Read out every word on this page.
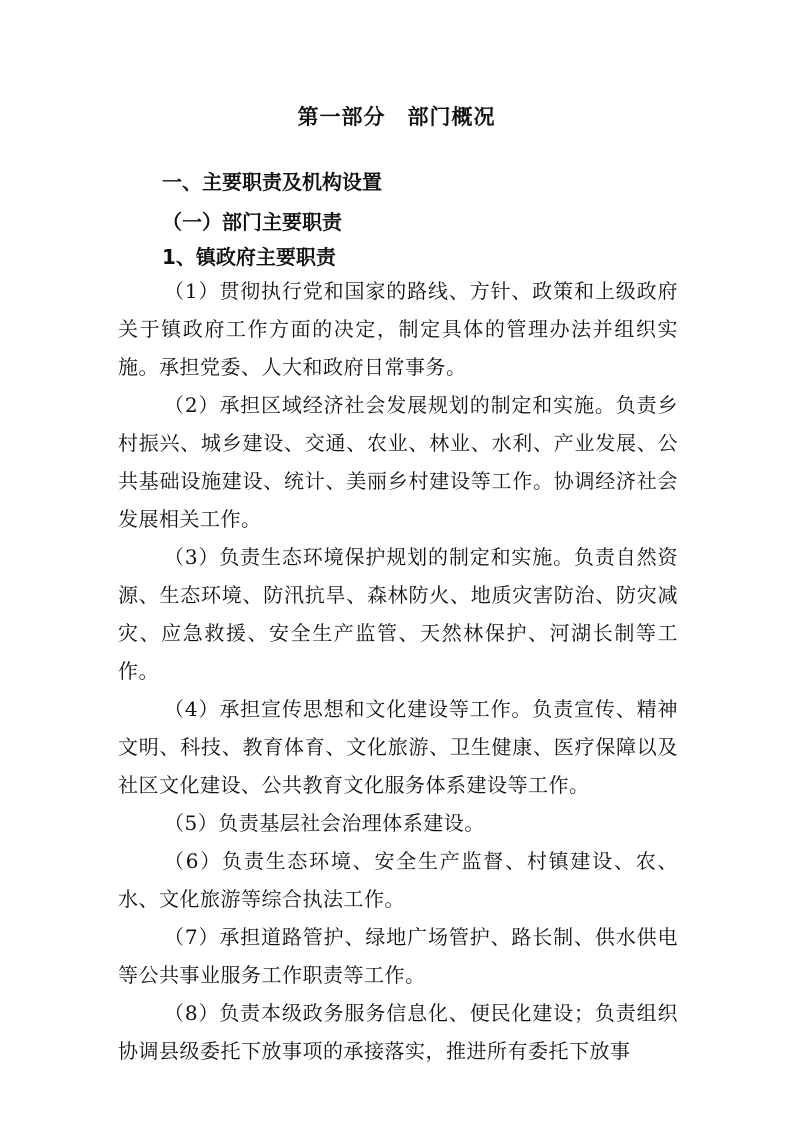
第一部分　部门概况
一、主要职责及机构设置
（一）部门主要职责
1、镇政府主要职责

（1）贯彻执行党和国家的路线、方针、政策和上级政府关于镇政府工作方面的决定，制定具体的管理办法并组织实施。承担党委、人大和政府日常事务。

（2）承担区域经济社会发展规划的制定和实施。负责乡村振兴、城乡建设、交通、农业、林业、水利、产业发展、公共基础设施建设、统计、美丽乡村建设等工作。协调经济社会发展相关工作。

（3）负责生态环境保护规划的制定和实施。负责自然资源、生态环境、防汛抗旱、森林防火、地质灾害防治、防灾减灾、应急救援、安全生产监管、天然林保护、河湖长制等工作。

（4）承担宣传思想和文化建设等工作。负责宣传、精神文明、科技、教育体育、文化旅游、卫生健康、医疗保障以及社区文化建设、公共教育文化服务体系建设等工作。

（5）负责基层社会治理体系建设。

（6）负责生态环境、安全生产监督、村镇建设、农、水、文化旅游等综合执法工作。

（7）承担道路管护、绿地广场管护、路长制、供水供电等公共事业服务工作职责等工作。

（8）负责本级政务服务信息化、便民化建设；负责组织协调县级委托下放事项的承接落实，推进所有委托下放事
